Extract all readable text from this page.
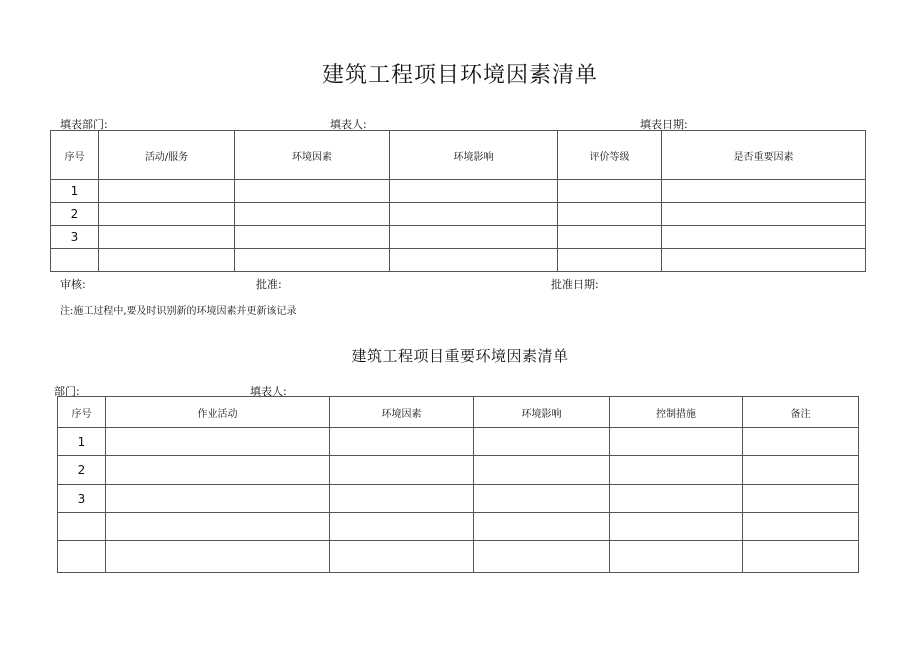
建筑工程项目环境因素清单
填表部门:	填表人:	填表日期:
序号	活动/服务	环境因素	环境影响	评价等级	是否重要因素
1					
2					
3					

审核:	批准:	批准日期:
注:施工过程中,要及时识别新的环境因素并更新该记录
建筑工程项目重要环境因素清单
部门:	填表人:
序号	作业活动	环境因素	环境影响	控制措施	备注
1					
2					
3					
